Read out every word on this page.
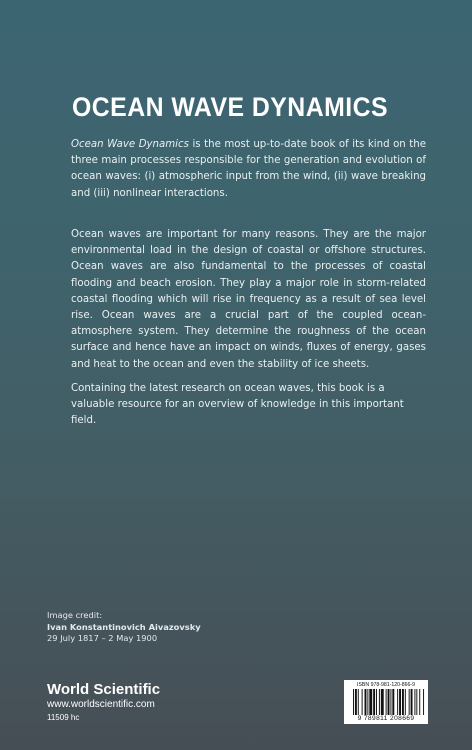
OCEAN WAVE DYNAMICS
Ocean Wave Dynamics is the most up-to-date book of its kind on the three main processes responsible for the generation and evolution of ocean waves: (i) atmospheric input from the wind, (ii) wave breaking and (iii) nonlinear interactions.
Ocean waves are important for many reasons. They are the major environmental load in the design of coastal or offshore structures. Ocean waves are also fundamental to the processes of coastal flooding and beach erosion. They play a major role in storm-related coastal flooding which will rise in frequency as a result of sea level rise. Ocean waves are a crucial part of the coupled ocean-atmosphere system. They determine the roughness of the ocean surface and hence have an impact on winds, fluxes of energy, gases and heat to the ocean and even the stability of ice sheets.
Containing the latest research on ocean waves, this book is a valuable resource for an overview of knowledge in this important field.
Image credit:
Ivan Konstantinovich Aivazovsky
29 July 1817 – 2 May 1900
World Scientific
www.worldscientific.com
11509 hc
ISBN 978-981-120-866-9
9 789811 208669
